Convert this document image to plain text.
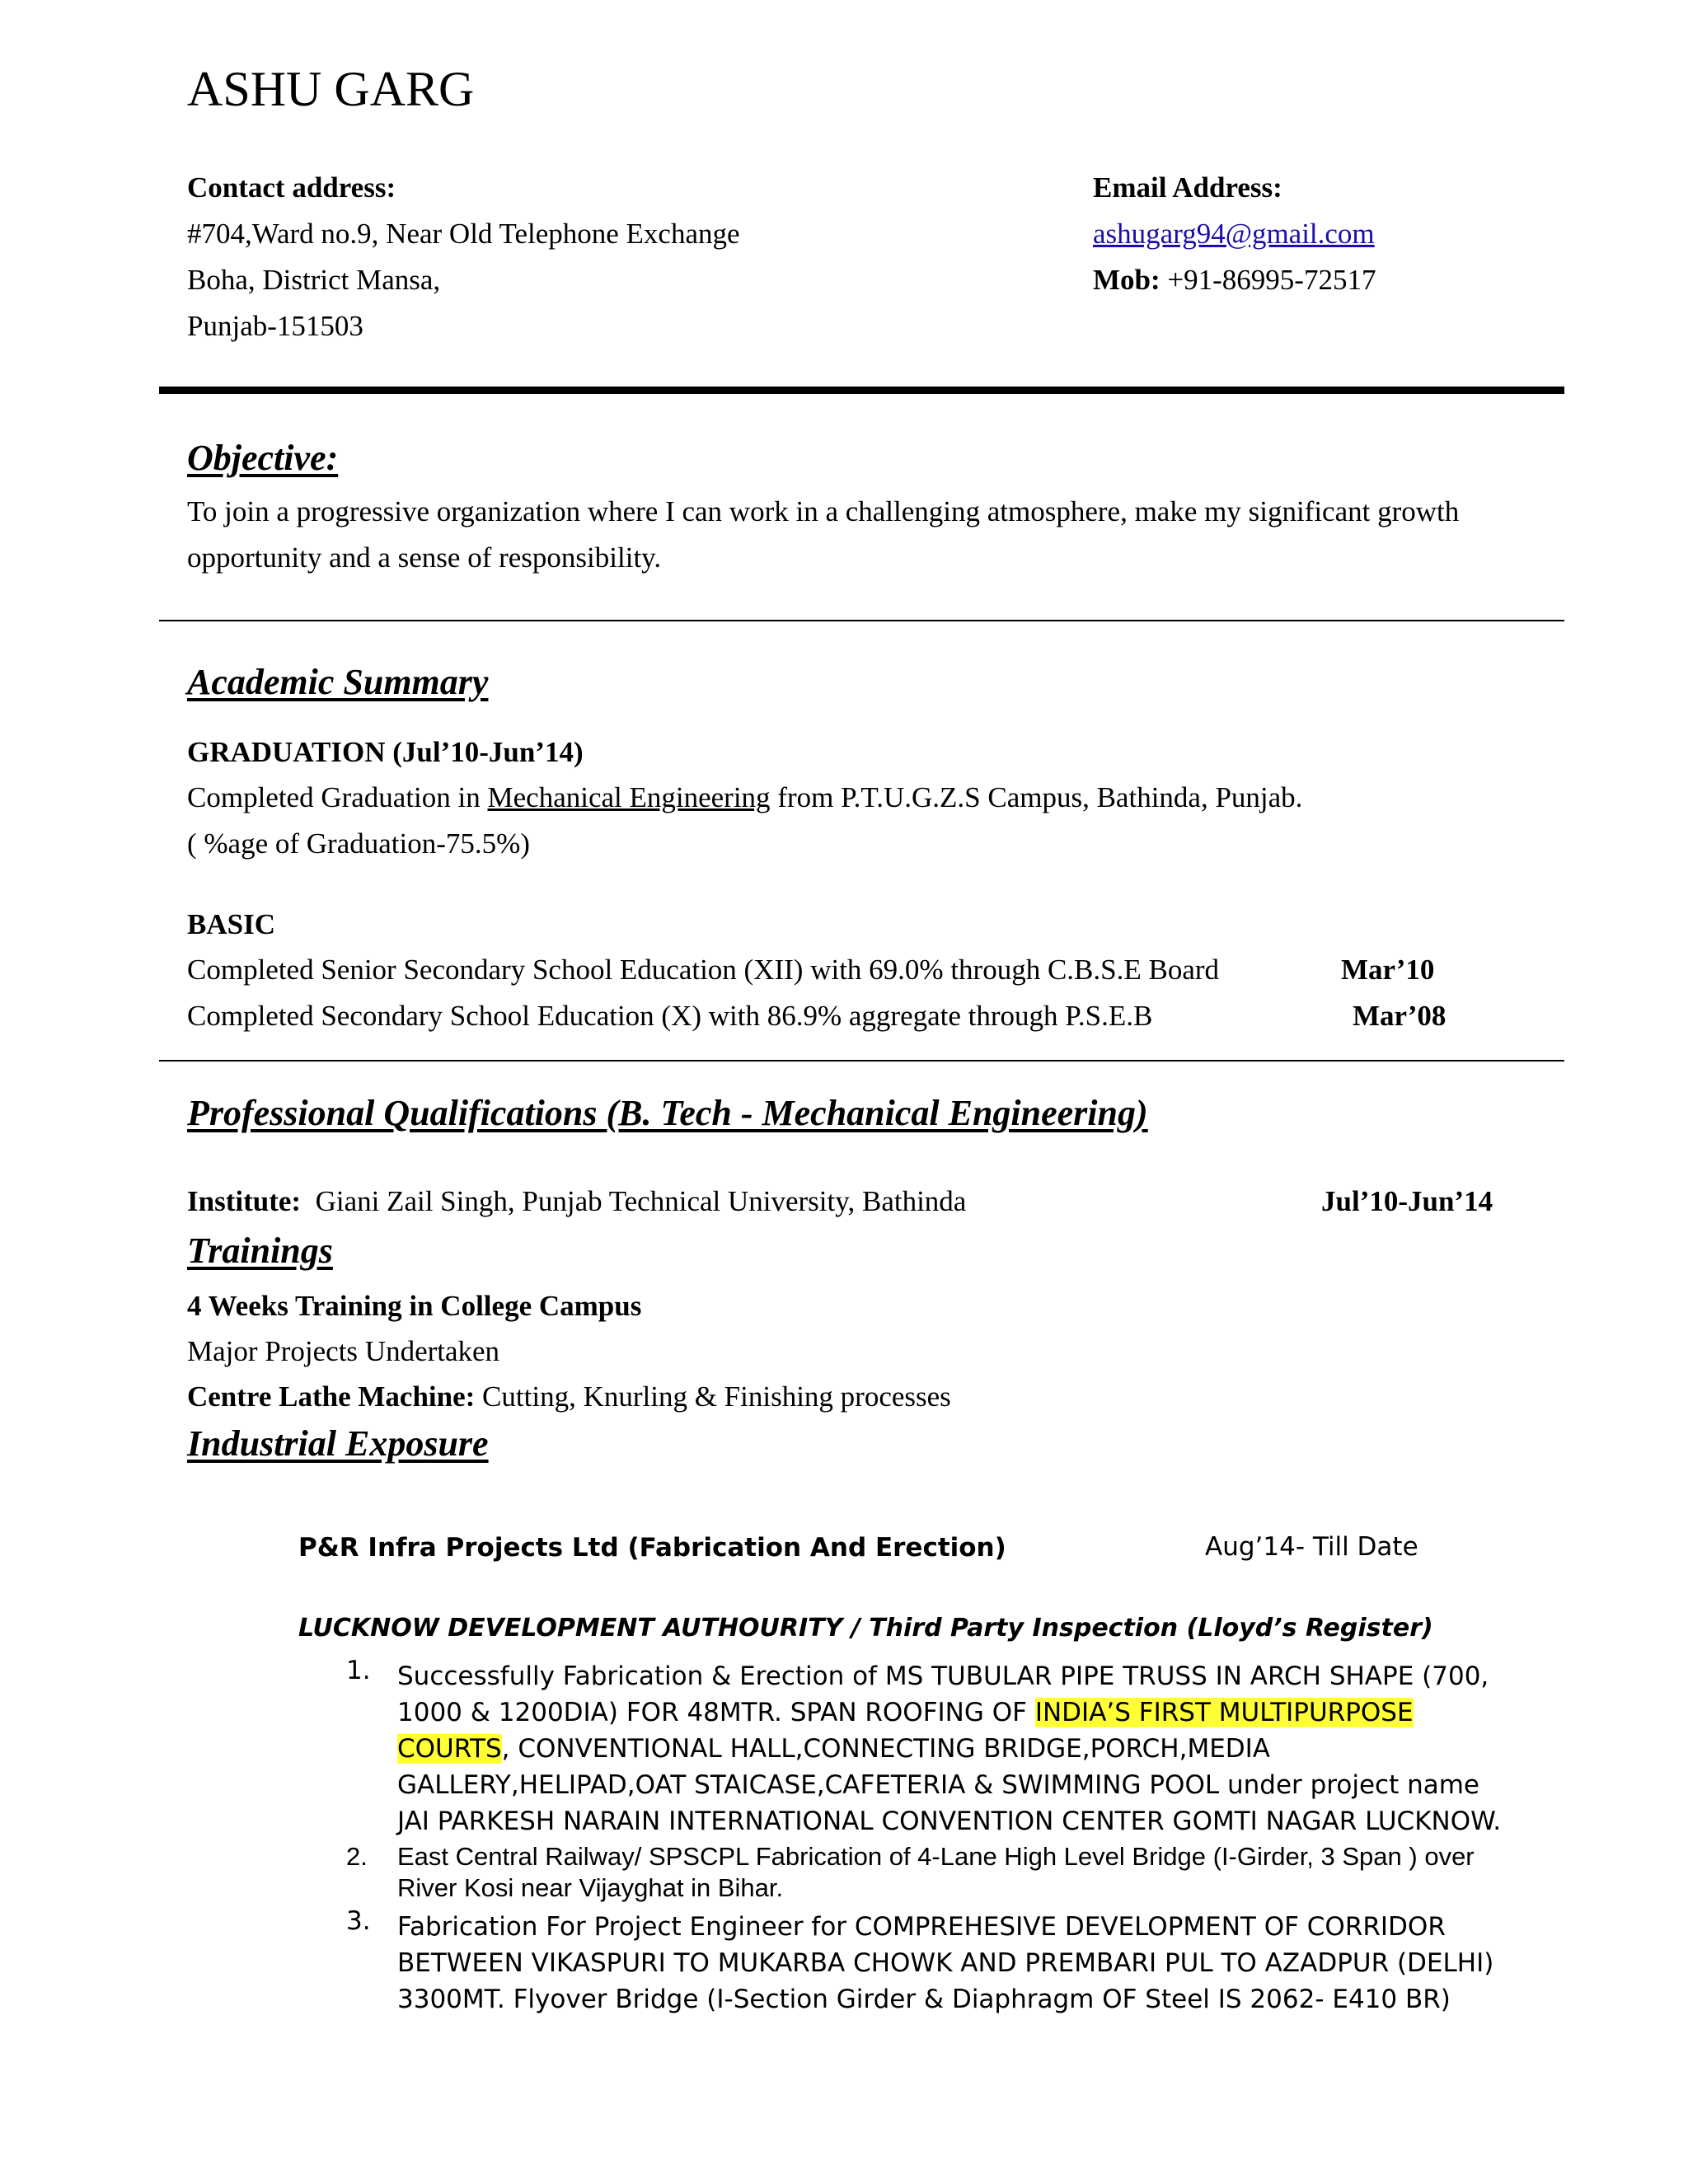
ASHU GARG
Contact address:
#704,Ward no.9, Near Old Telephone Exchange
Boha, District Mansa,
Punjab-151503
Email Address:
ashugarg94@gmail.com
Mob: +91-86995-72517
Objective:
To join a progressive organization where I can work in a challenging atmosphere, make my significant growth
opportunity and a sense of responsibility.
Academic Summary
GRADUATION (Jul’10-Jun’14)
Completed Graduation in Mechanical Engineering from P.T.U.G.Z.S Campus, Bathinda, Punjab.
( %age of Graduation-75.5%)
BASIC
Completed Senior Secondary School Education (XII) with 69.0% through C.B.S.E Board	Mar’10
Completed Secondary School Education (X) with 86.9% aggregate through P.S.E.B	Mar’08
Professional Qualifications (B. Tech - Mechanical Engineering)
Institute: Giani Zail Singh, Punjab Technical University, Bathinda	Jul’10-Jun’14
Trainings
4 Weeks Training in College Campus
Major Projects Undertaken
Centre Lathe Machine: Cutting, Knurling & Finishing processes
Industrial Exposure
P&R Infra Projects Ltd (Fabrication And Erection)	Aug’14- Till Date
LUCKNOW DEVELOPMENT AUTHOURITY / Third Party Inspection (Lloyd’s Register)
1. Successfully Fabrication & Erection of MS TUBULAR PIPE TRUSS IN ARCH SHAPE (700, 1000 & 1200DIA) FOR 48MTR. SPAN ROOFING OF INDIA’S FIRST MULTIPURPOSE COURTS, CONVENTIONAL HALL,CONNECTING BRIDGE,PORCH,MEDIA GALLERY,HELIPAD,OAT STAICASE,CAFETERIA & SWIMMING POOL under project name JAI PARKESH NARAIN INTERNATIONAL CONVENTION CENTER GOMTI NAGAR LUCKNOW.
2. East Central Railway/ SPSCPL Fabrication of 4-Lane High Level Bridge (I-Girder, 3 Span ) over River Kosi near Vijayghat in Bihar.
3. Fabrication For Project Engineer for COMPREHESIVE DEVELOPMENT OF CORRIDOR BETWEEN VIKASPURI TO MUKARBA CHOWK AND PREMBARI PUL TO AZADPUR (DELHI) 3300MT. Flyover Bridge (I-Section Girder & Diaphragm OF Steel IS 2062- E410 BR)
